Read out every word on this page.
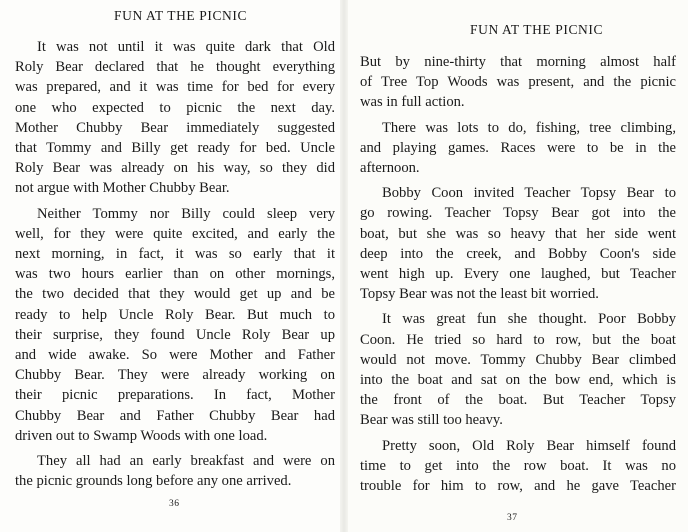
FUN AT THE PICNIC
It was not until it was quite dark that Old
Roly Bear declared that he thought everything
was prepared, and it was time for bed for every
one who expected to picnic the next day.
Mother Chubby Bear immediately suggested
that Tommy and Billy get ready for bed. Uncle
Roly Bear was already on his way, so they did
not argue with Mother Chubby Bear.
Neither Tommy nor Billy could sleep very
well, for they were quite excited, and early the
next morning, in fact, it was so early that it
was two hours earlier than on other mornings,
the two decided that they would get up and be
ready to help Uncle Roly Bear. But much to
their surprise, they found Uncle Roly Bear up
and wide awake. So were Mother and Father
Chubby Bear. They were already working on
their picnic preparations. In fact, Mother
Chubby Bear and Father Chubby Bear had
driven out to Swamp Woods with one load.
They all had an early breakfast and were on
the picnic grounds long before any one arrived.
36
FUN AT THE PICNIC
But by nine-thirty that morning almost half
of Tree Top Woods was present, and the picnic
was in full action.
There was lots to do, fishing, tree climbing,
and playing games. Races were to be in the
afternoon.
Bobby Coon invited Teacher Topsy Bear to
go rowing. Teacher Topsy Bear got into the
boat, but she was so heavy that her side went
deep into the creek, and Bobby Coon's side
went high up. Every one laughed, but Teacher
Topsy Bear was not the least bit worried.
It was great fun she thought. Poor Bobby
Coon. He tried so hard to row, but the boat
would not move. Tommy Chubby Bear climbed
into the boat and sat on the bow end, which is
the front of the boat. But Teacher Topsy
Bear was still too heavy.
Pretty soon, Old Roly Bear himself found
time to get into the row boat. It was no
trouble for him to row, and he gave Teacher
37
